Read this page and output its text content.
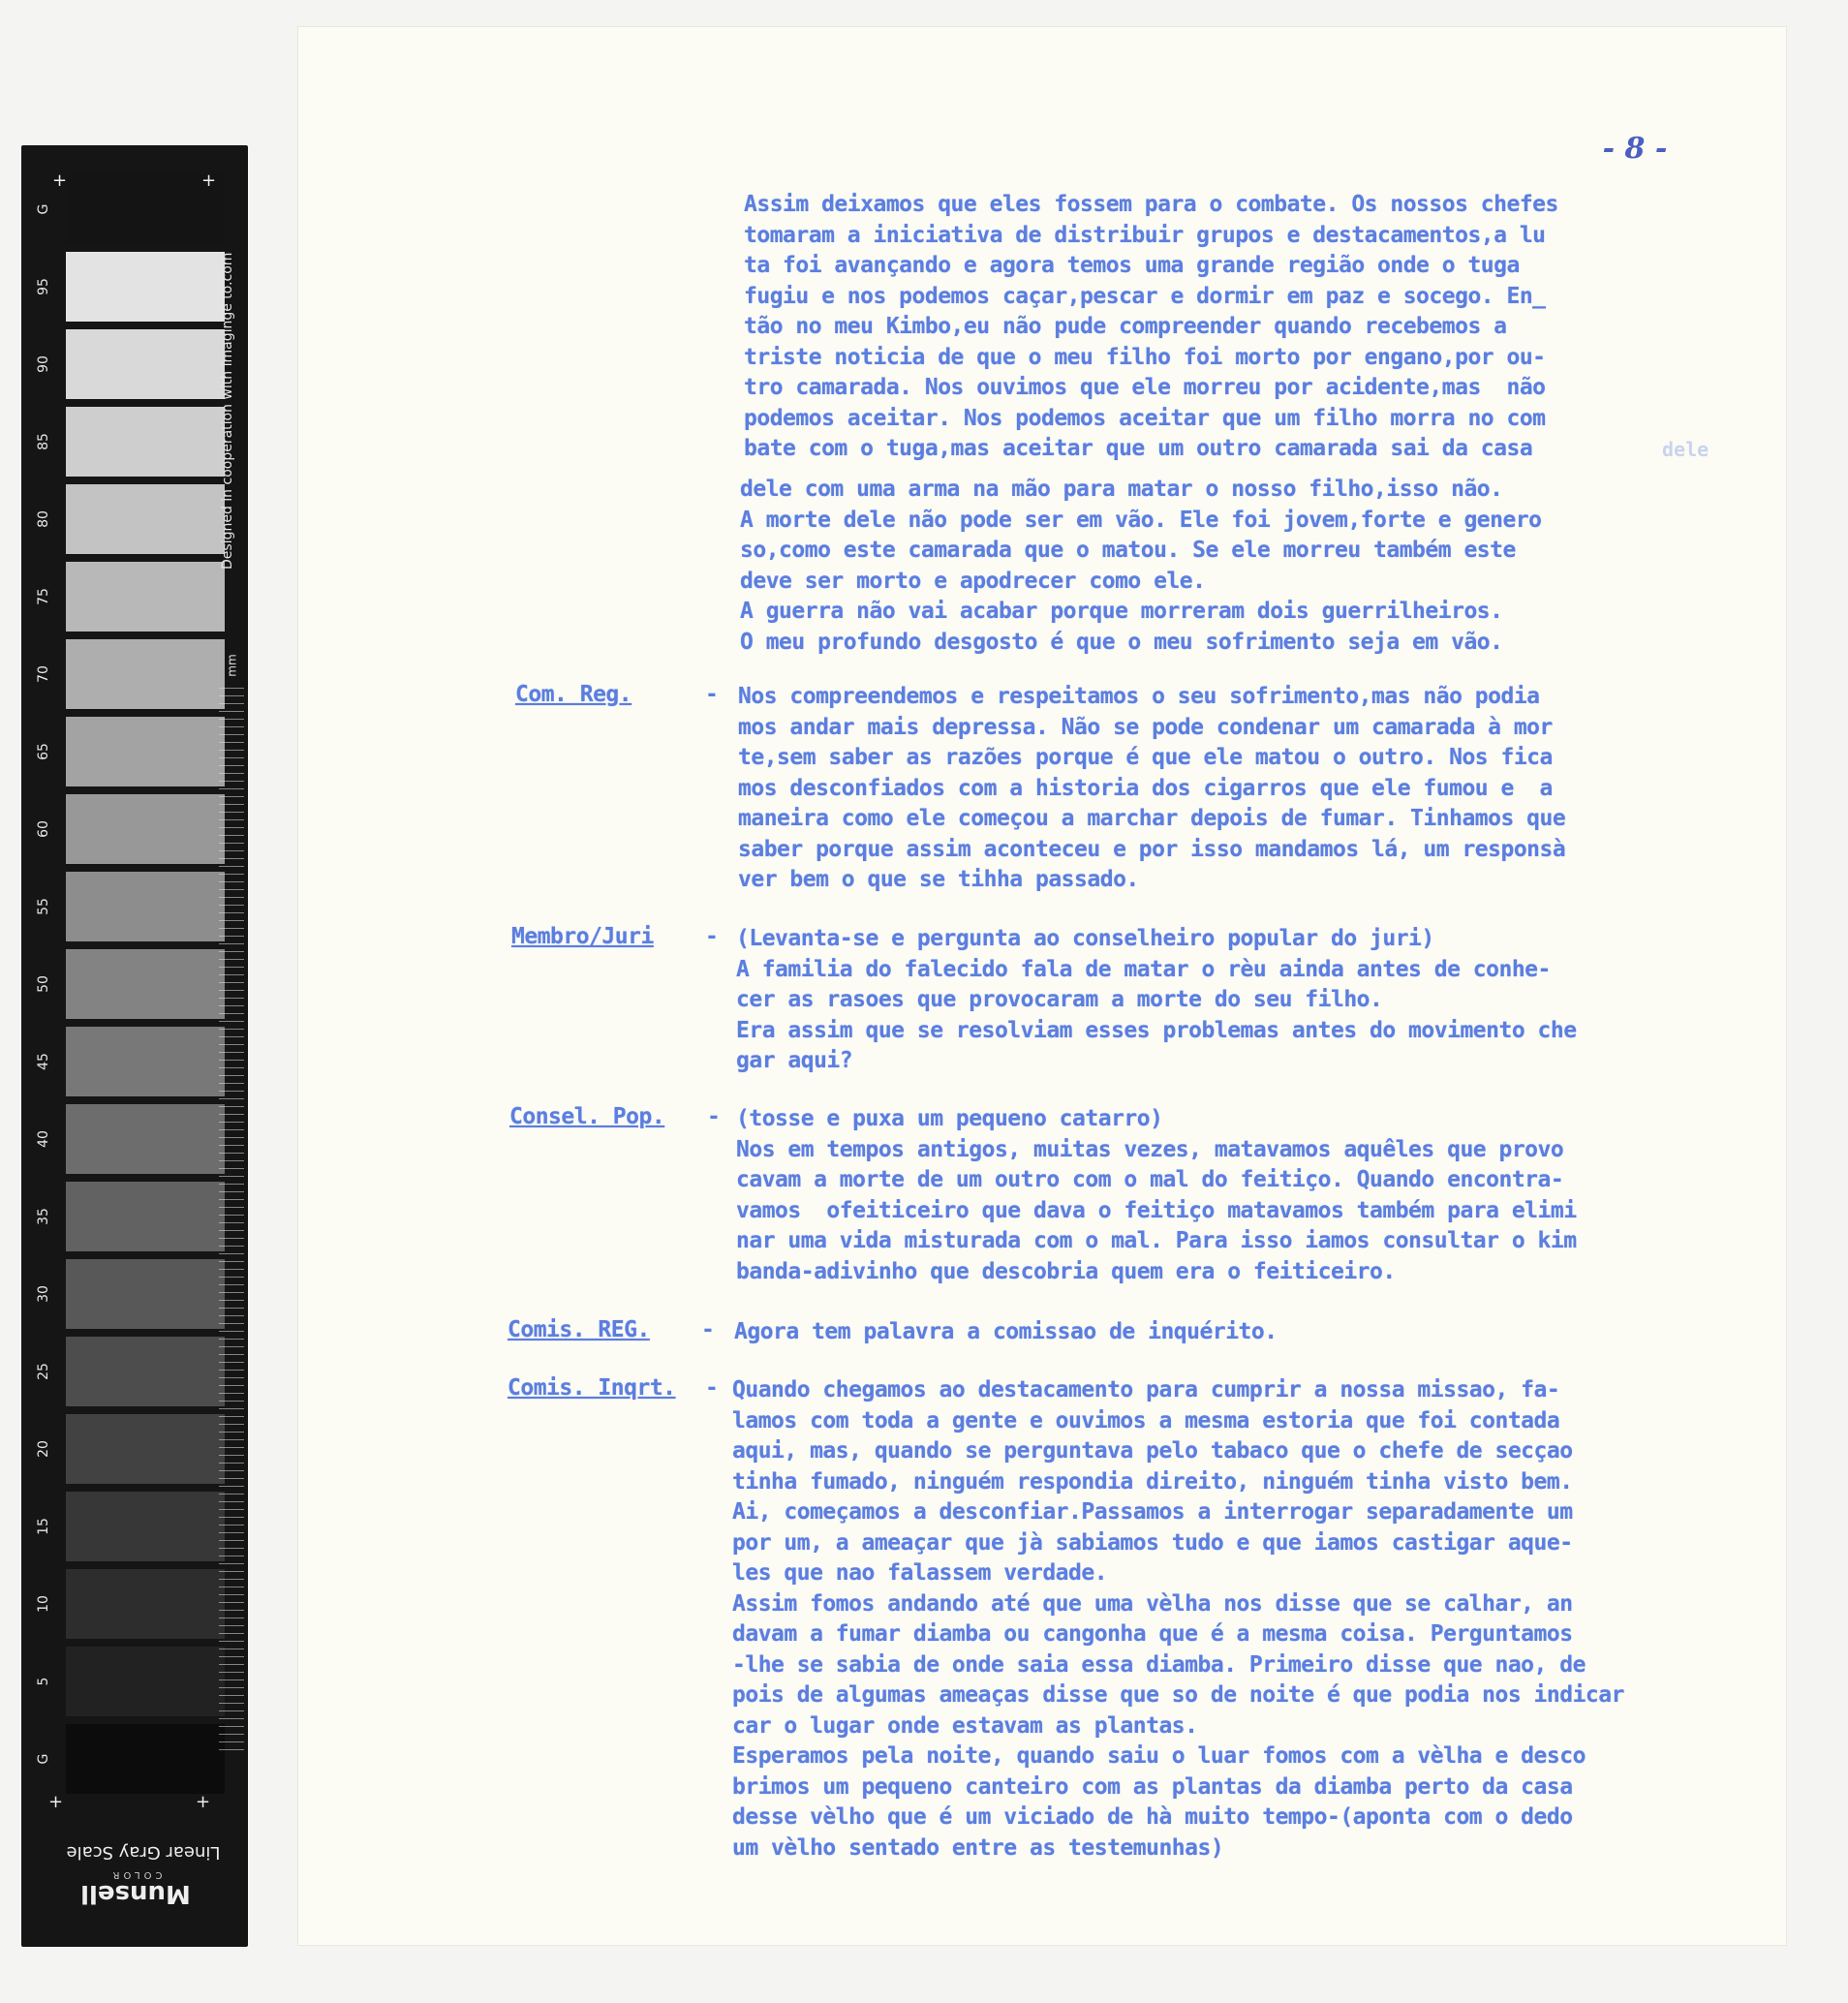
G
95
90
85
80
75
70
65
60
55
50
45
40
35
30
25
20
15
10
5
G
+	+
+	+
Designed in cooperation with imaginge to.com
mm
Linear Gray Scale
COLOR
Munsell
- 8 -
Assim deixamos que eles fossem para o combate. Os nossos chefes
tomaram a iniciativa de distribuir grupos e destacamentos,a lu
ta foi avançando e agora temos uma grande região onde o tuga
fugiu e nos podemos caçar,pescar e dormir em paz e socego. En_
tão no meu Kimbo,eu não pude compreender quando recebemos a
triste noticia de que o meu filho foi morto por engano,por ou-
tro camarada. Nos ouvimos que ele morreu por acidente,mas  não
podemos aceitar. Nos podemos aceitar que um filho morra no com
bate com o tuga,mas aceitar que um outro camarada sai da casa	dele
dele com uma arma na mão para matar o nosso filho,isso não.
A morte dele não pode ser em vão. Ele foi jovem,forte e genero
so,como este camarada que o matou. Se ele morreu também este
deve ser morto e apodrecer como ele.
A guerra não vai acabar porque morreram dois guerrilheiros.
O meu profundo desgosto é que o meu sofrimento seja em vão.
Com. Reg.	- Nos compreendemos e respeitamos o seu sofrimento,mas não podia
mos andar mais depressa. Não se pode condenar um camarada à mor
te,sem saber as razões porque é que ele matou o outro. Nos fica
mos desconfiados com a historia dos cigarros que ele fumou e  a
maneira como ele começou a marchar depois de fumar. Tinhamos que
saber porque assim aconteceu e por isso mandamos lá, um responsà
ver bem o que se tihha passado.
Membro/Juri - (Levanta-se e pergunta ao conselheiro popular do juri)
A familia do falecido fala de matar o rèu ainda antes de conhe-
cer as rasoes que provocaram a morte do seu filho.
Era assim que se resolviam esses problemas antes do movimento che
gar aqui?
Consel. Pop. - (tosse e puxa um pequeno catarro)
Nos em tempos antigos, muitas vezes, matavamos aquêles que provo
cavam a morte de um outro com o mal do feitiço. Quando encontra-
vamos  ofeiticeiro que dava o feitiço matavamos também para elimi
nar uma vida misturada com o mal. Para isso iamos consultar o kim
banda-adivinho que descobria quem era o feiticeiro.
Comis. REG. - Agora tem palavra a comissao de inquérito.
Comis. Inqrt. - Quando chegamos ao destacamento para cumprir a nossa missao, fa-
lamos com toda a gente e ouvimos a mesma estoria que foi contada
aqui, mas, quando se perguntava pelo tabaco que o chefe de secçao
tinha fumado, ninguém respondia direito, ninguém tinha visto bem.
Ai, começamos a desconfiar.Passamos a interrogar separadamente um
por um, a ameaçar que jà sabiamos tudo e que iamos castigar aque-
les que nao falassem verdade.
Assim fomos andando até que uma vèlha nos disse que se calhar, an
davam a fumar diamba ou cangonha que é a mesma coisa. Perguntamos
-lhe se sabia de onde saia essa diamba. Primeiro disse que nao, de
pois de algumas ameaças disse que so de noite é que podia nos indicar
car o lugar onde estavam as plantas.
Esperamos pela noite, quando saiu o luar fomos com a vèlha e desco
brimos um pequeno canteiro com as plantas da diamba perto da casa
desse vèlho que é um viciado de hà muito tempo-(aponta com o dedo
um vèlho sentado entre as testemunhas)
